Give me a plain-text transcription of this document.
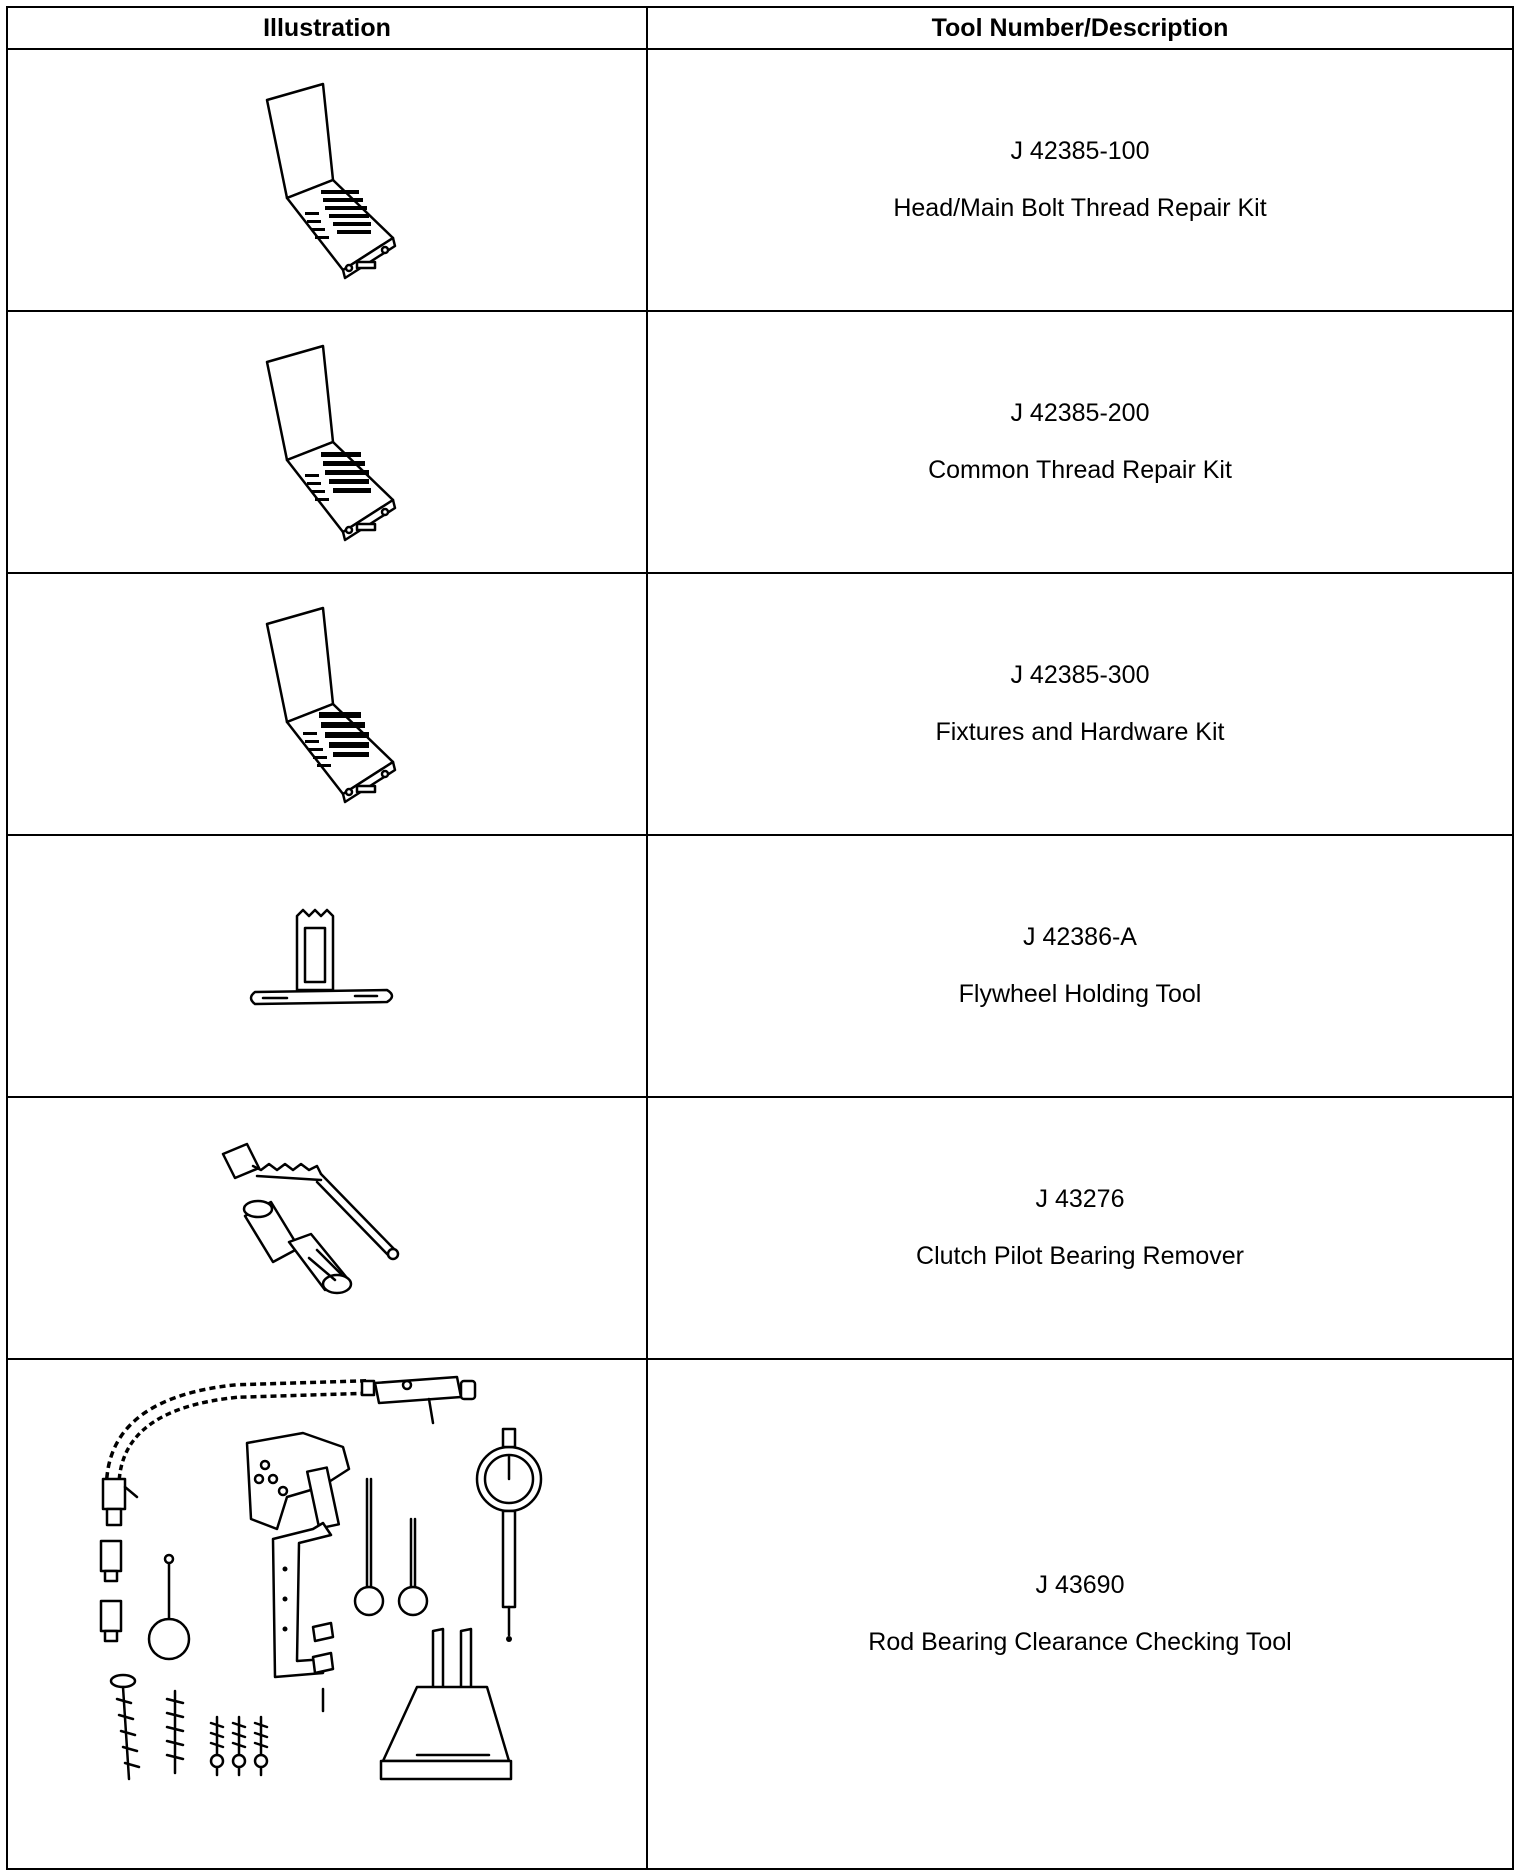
Illustration	Tool Number/Description

J 42385-100
Head/Main Bolt Thread Repair Kit

J 42385-200
Common Thread Repair Kit

J 42385-300
Fixtures and Hardware Kit

J 42386-A
Flywheel Holding Tool

J 43276
Clutch Pilot Bearing Remover

J 43690
Rod Bearing Clearance Checking Tool
